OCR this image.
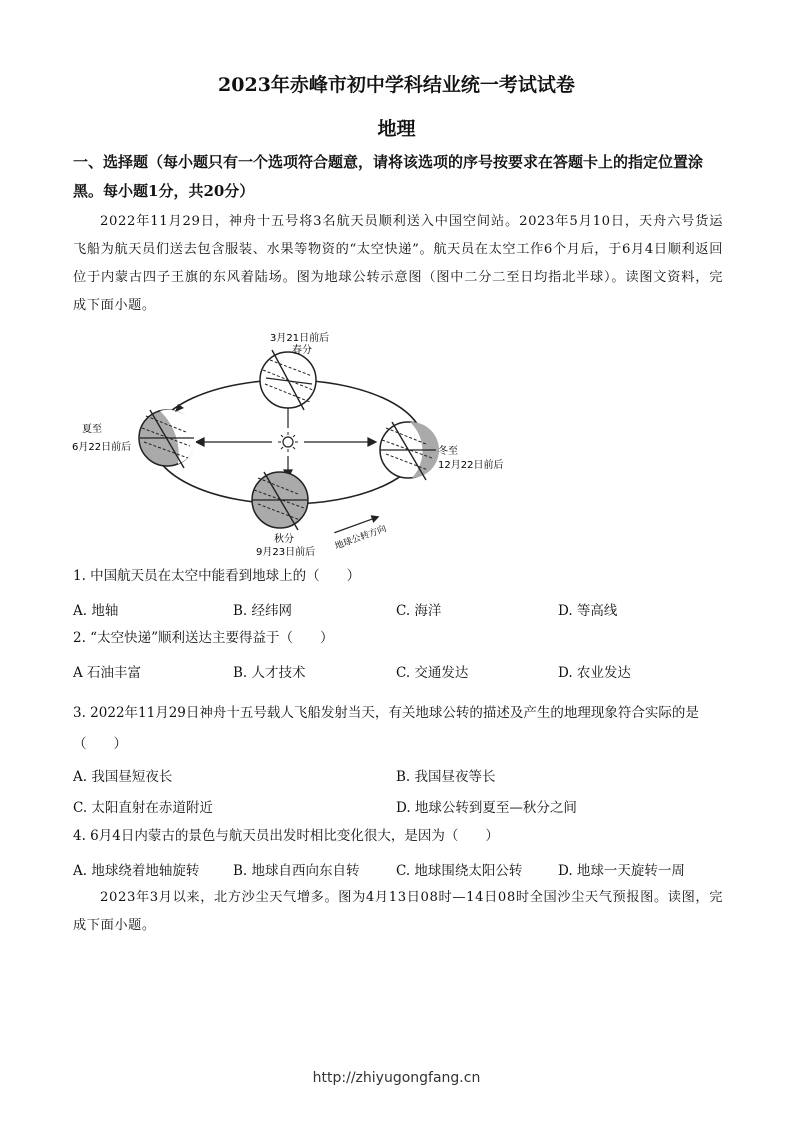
2023年赤峰市初中学科结业统一考试试卷
地理
一、选择题（每小题只有一个选项符合题意，请将该选项的序号按要求在答题卡上的指定位置涂黑。每小题1分，共20分）
2022年11月29日，神舟十五号将3名航天员顺利送入中国空间站。2023年5月10日，天舟六号货运飞船为航天员们送去包含服装、水果等物资的“太空快递”。航天员在太空工作6个月后，于6月4日顺利返回位于内蒙古四子王旗的东风着陆场。图为地球公转示意图（图中二分二至日均指北半球）。读图文资料，完成下面小题。
3月21日前后
春分
夏至
6月22日前后	冬至
12月22日前后
秋分
9月23日前后
地球公转方向
1. 中国航天员在太空中能看到地球上的（　　）
A. 地轴	B. 经纬网	C. 海洋	D. 等高线
2. “太空快递”顺利送达主要得益于（　　）
A 石油丰富	B. 人才技术	C. 交通发达	D. 农业发达
3. 2022年11月29日神舟十五号载人飞船发射当天，有关地球公转的描述及产生的地理现象符合实际的是（　　）
A. 我国昼短夜长	B. 我国昼夜等长
C. 太阳直射在赤道附近	D. 地球公转到夏至—秋分之间
4. 6月4日内蒙古的景色与航天员出发时相比变化很大，是因为（　　）
A. 地球绕着地轴旋转 B. 地球自西向东自转	C. 地球围绕太阳公转	D. 地球一天旋转一周
2023年3月以来，北方沙尘天气增多。图为4月13日08时—14日08时全国沙尘天气预报图。读图，完成下面小题。
http://zhiyugongfang.cn
